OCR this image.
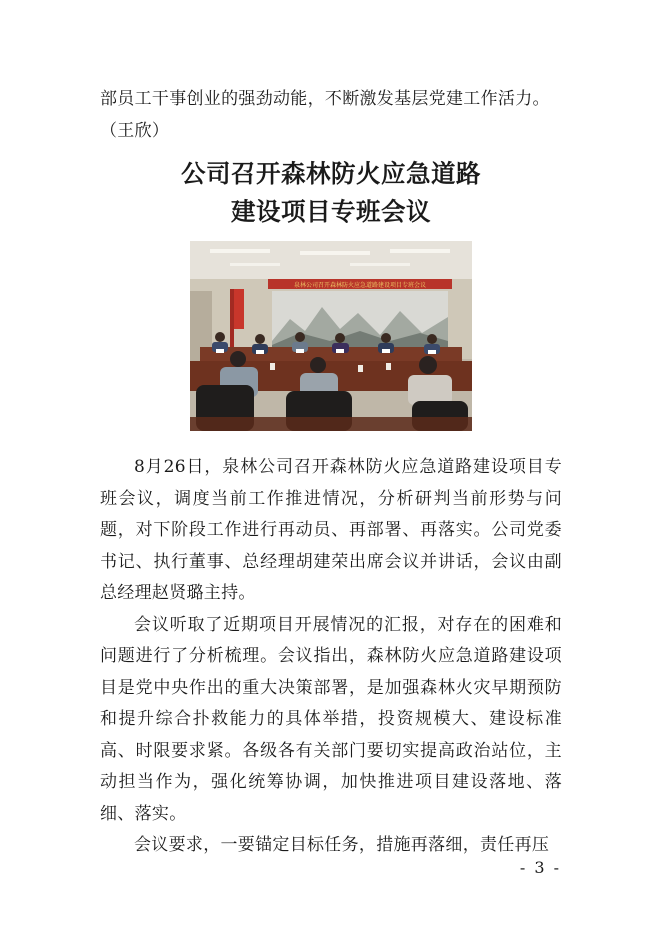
部员工干事创业的强劲动能，不断激发基层党建工作活力。

（王欣）

公司召开森林防火应急道路
建设项目专班会议
泉林公司召开森林防火应急道路建设项目专班会议

8月26日，泉林公司召开森林防火应急道路建设项目专班会议，调度当前工作推进情况，分析研判当前形势与问题，对下阶段工作进行再动员、再部署、再落实。公司党委书记、执行董事、总经理胡建荣出席会议并讲话，会议由副总经理赵贤璐主持。

会议听取了近期项目开展情况的汇报，对存在的困难和问题进行了分析梳理。会议指出，森林防火应急道路建设项目是党中央作出的重大决策部署，是加强森林火灾早期预防和提升综合扑救能力的具体举措，投资规模大、建设标准高、时限要求紧。各级各有关部门要切实提高政治站位，主动担当作为，强化统筹协调，加快推进项目建设落地、落细、落实。

会议要求，一要锚定目标任务，措施再落细，责任再压

- 3 -
